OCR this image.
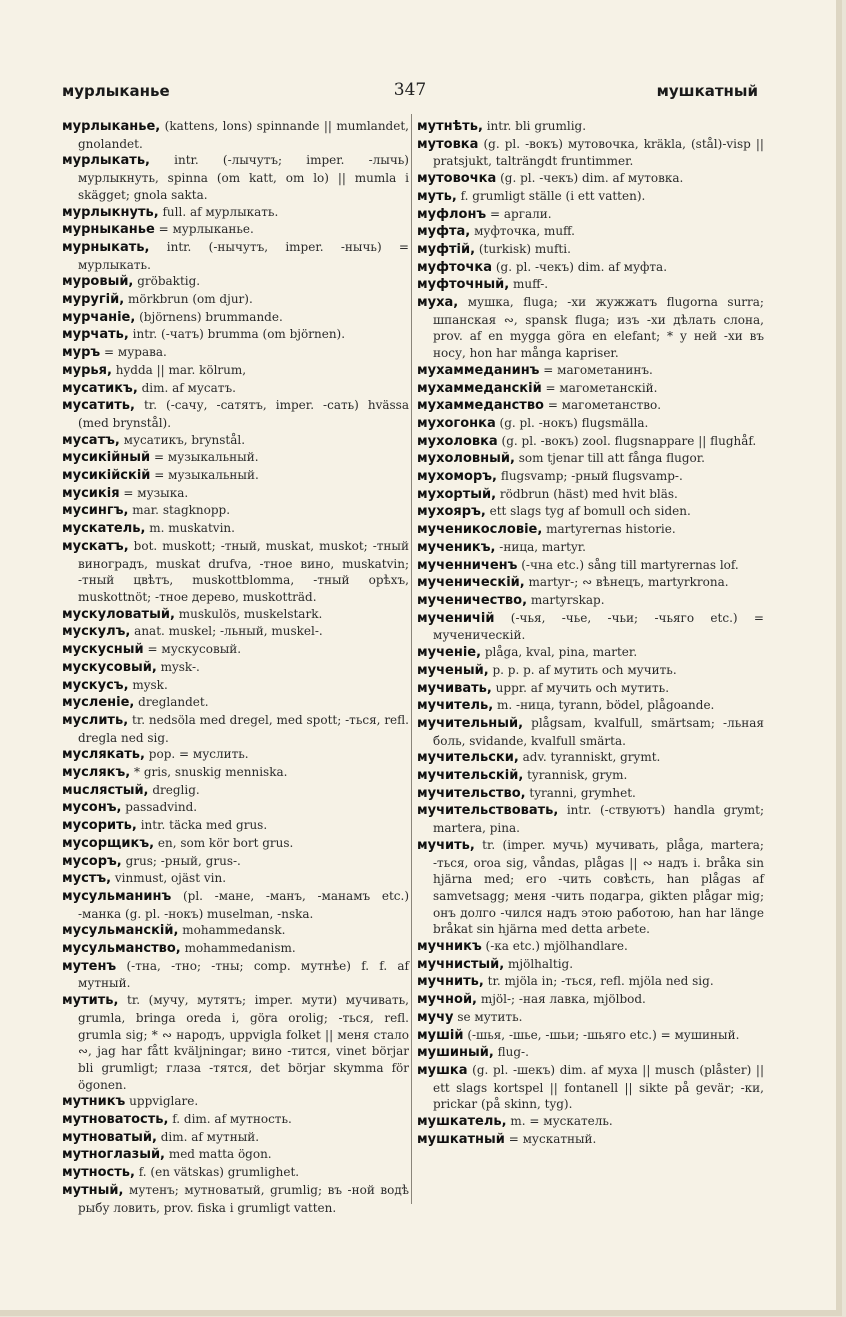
мурлыканье	347	мушкатный

мурлыканье, (kattens, lons) spinnande || mumlandet, gnolandet.

мурлыкать, intr. (-лычутъ; imper. -лычь) мурлыкнуть, spinna (om katt, om lo) || mumla i skägget; gnola sakta.

мурлыкнуть, full. af мурлыкать.

мурныканье = мурлыканье.

мурныкать, intr. (-нычутъ, imper. -нычь) = мурлыкать.

муровый, gröbaktig.

муругій, mörkbrun (om djur).

мурчаніе, (björnens) brummande.

мурчать, intr. (-чатъ) brumma (om björnen).

муръ = мурава.

мурья, hydda || mar. kölrum,

мусатикъ, dim. af мусатъ.

мусатить, tr. (-сачу, -сатятъ, imper. -сать) hvässa (med brynstål).

мусатъ, мусатикъ, brynstål.

мусикійный = музыкальный.

мусикійскій = музыкальный.

мусикія = музыка.

мусингъ, mar. stagknopp.

мускатель, m. muskatvin.

мускатъ, bot. muskott; -тный, muskat, muskot; -тный виноградъ, muskat drufva, -тное вино, muskatvin; -тный цвѣтъ, muskottblomma, -тный орѣхъ, muskottnöt; -тное дерево, muskotträd.

мускуловатый, muskulös, muskelstark.

мускулъ, anat. muskel; -льный, muskel-.

мускусный = мускусовый.

мускусовый, mysk-.

мускусъ, mysk.

мусленіе, dreglandet.

муслить, tr. nedsöla med dregel, med spott; -ться, refl. dregla ned sig.

муслякать, pop. = муслить.

муслякъ, * gris, snuskig menniska.

мuслястый, dreglig.

мусонъ, passadvind.

мусорить, intr. täcka med grus.

мусорщикъ, en, som kör bort grus.

мусоръ, grus; -рный, grus-.

мустъ, vinmust, ojäst vin.

мусульманинъ (pl. -мане, -манъ, -манамъ etc.) -манка (g. pl. -нокъ) muselman, -nska.

мусульманскій, mohammedansk.

мусульманство, mohammedanism.

мутенъ (-тна, -тно; -тны; comp. мутнѣе) f. f. af мутный.

мутить, tr. (мучу, мутятъ; imper. мути) мучивать, grumla, bringa oreda i, göra orolig; -ться, refl. grumla sig; * ∾ народъ, uppvigla folket || меня стало ∾, jag har fått kväljningar; вино -тится, vinet börjar bli grumligt; глаза -тятся, det börjar skymma för ögonen.

мутникъ uppviglare.

мутноватость, f. dim. af мутность.

мутноватый, dim. af мутный.

мутноглазый, med matta ögon.

мутность, f. (en vätskas) grumlighet.

мутный, мутенъ; мутноватый, grumlig; въ -ной водѣ рыбу ловить, prov. fiska i grumligt vatten.

мутнѣть, intr. bli grumlig.

мутовка (g. pl. -вокъ) мутовочка, kräkla, (stål)-visp || pratsjukt, talträngdt fruntimmer.

мутовочка (g. pl. -чекъ) dim. af мутовка.

муть, f. grumligt ställe (i ett vatten).

муфлонъ = аргали.

муфта, муфточка, muff.

муфтій, (turkisk) mufti.

муфточка (g. pl. -чекъ) dim. af муфта.

муфточный, muff-.

муха, мушка, fluga; -хи жужжатъ flugorna surra; шпанская ∾, spansk fluga; изъ -хи дѣлать слона, prov. af en mygga göra en elefant; * у ней -хи въ носу, hon har många kapriser.

мухаммеданинъ = магометанинъ.

мухаммеданскій = магометанскій.

мухаммеданство = магометанство.

мухогонка (g. pl. -нокъ) flugsmälla.

мухоловка (g. pl. -вокъ) zool. flugsnappare || flughåf.

мухоловный, som tjenar till att fånga flugor.

мухоморъ, flugsvamp; -рный flugsvamp-.

мухортый, rödbrun (häst) med hvit bläs.

мухояръ, ett slags tyg af bomull och siden.

мученикословіе, martyrernas historie.

мученикъ, -ница, martyr.

мученниченъ (-чна etc.) sång till martyrernas lof.

мученическій, martyr-; ∾ вѣнецъ, martyrkrona.

мученичество, martyrskap.

мученичій (-чья, -чье, -чьи; -чьяго etc.) = мученическій.

мученіе, plåga, kval, pina, marter.

мученый, p. p. p. af мутить och мучить.

мучивать, uppr. af мучить och мутить.

мучитель, m. -ница, tyrann, bödel, plågoande.

мучительный, plågsam, kvalfull, smärtsam; -льная боль, svidande, kvalfull smärta.

мучительски, adv. tyranniskt, grymt.

мучительскій, tyrannisk, grym.

мучительство, tyranni, grymhet.

мучительствовать, intr. (-ствуютъ) handla grymt; martera, pina.

мучить, tr. (imper. мучь) мучивать, plåga, martera; -ться, oroa sig, våndas, plågas || ∾ надъ i. bråka sin hjärna med; его -чить совѣсть, han plågas af samvetsagg; меня -чить подагра, gikten plågar mig; онъ долго -чился надъ этою работою, han har länge bråkat sin hjärna med detta arbete.

мучникъ (-ка etc.) mjölhandlare.

мучнистый, mjölhaltig.

мучнить, tr. mjöla in; -ться, refl. mjöla ned sig.

мучной, mjöl-; -ная лавка, mjölbod.

мучу se мутить.

мушій (-шья, -шье, -шьи; -шьяго etc.) = мушиный.

мушиный, flug-.

мушка (g. pl. -шекъ) dim. af муха || musch (plåster) || ett slags kortspel || fontanell || sikte på gevär; -ки, prickar (på skinn, tyg).

мушкатель, m. = мускатель.

мушкатный = мускатный.
